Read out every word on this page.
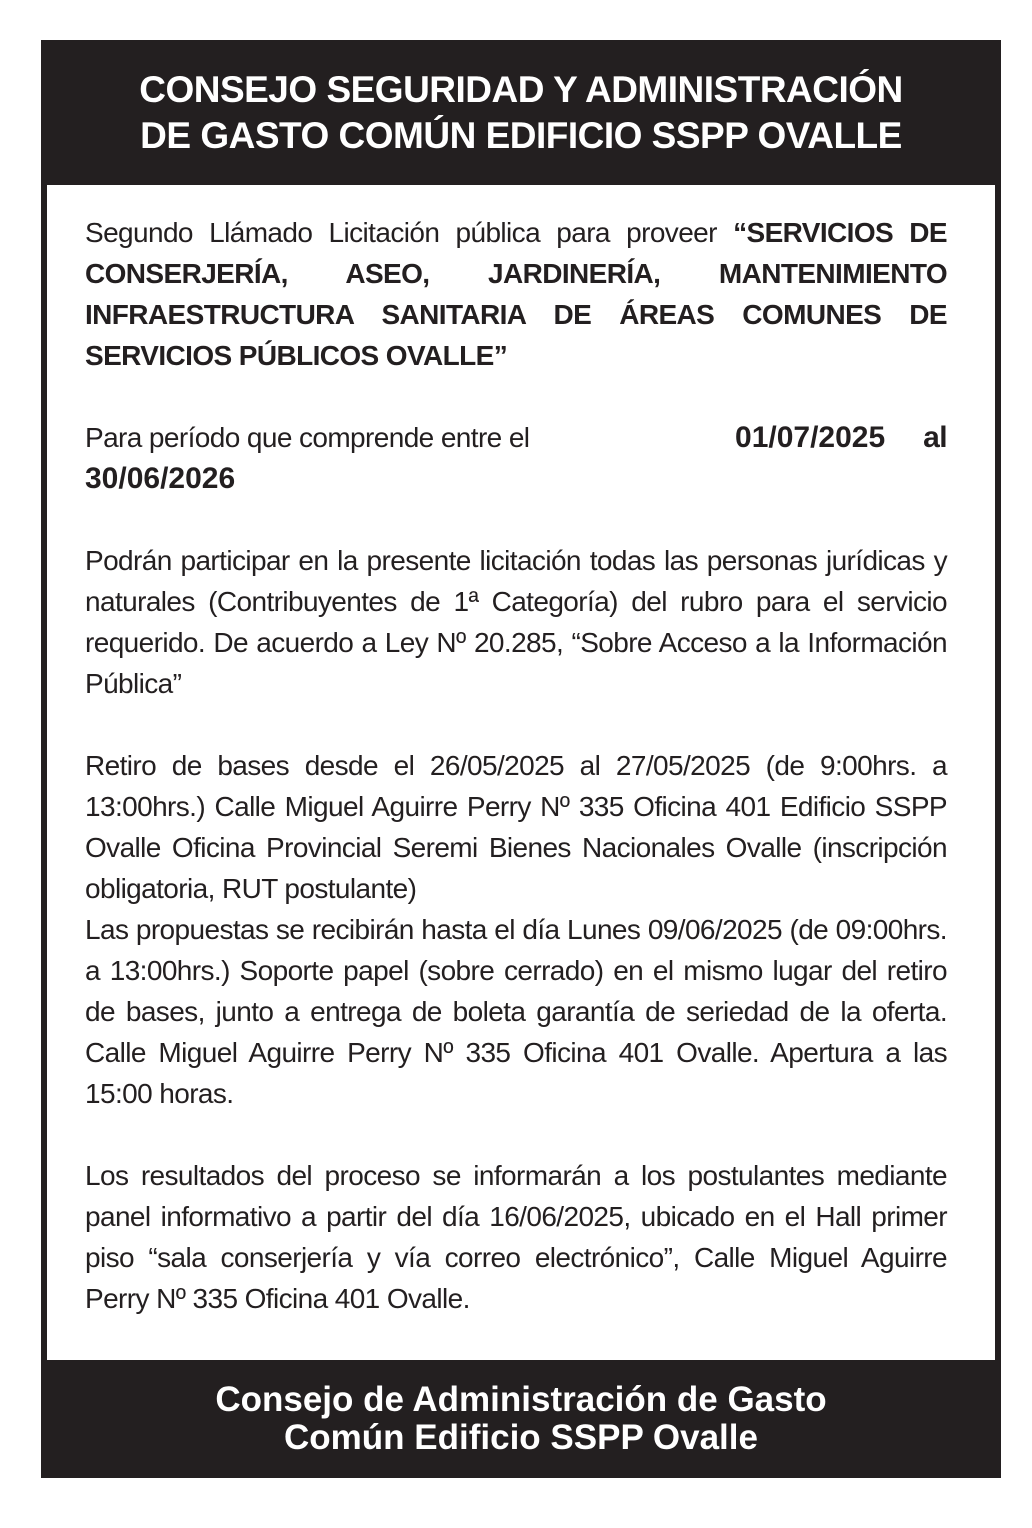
CONSEJO SEGURIDAD Y ADMINISTRACIÓN
DE GASTO COMÚN EDIFICIO SSPP OVALLE

Segundo Llámado Licitación pública para proveer “SERVICIOS DE CONSERJERÍA, ASEO, JARDINERÍA, MANTENIMIENTO INFRAESTRUCTURA SANITARIA DE ÁREAS COMUNES DE SERVICIOS PÚBLICOS OVALLE”

Para período que comprende entre el	01/07/2025 al
30/06/2026

Podrán participar en la presente licitación todas las personas jurídicas y naturales (Contribuyentes de 1ª Categoría) del rubro para el servicio requerido. De acuerdo a Ley Nº 20.285, “Sobre Acceso a la Información Pública”

Retiro de bases desde el 26/05/2025 al 27/05/2025 (de 9:00hrs. a 13:00hrs.) Calle Miguel Aguirre Perry Nº 335 Oficina 401 Edificio SSPP Ovalle Oficina Provincial Seremi Bienes Nacionales Ovalle (inscripción obligatoria, RUT postulante)

Las propuestas se recibirán hasta el día Lunes 09/06/2025 (de 09:00hrs. a 13:00hrs.) Soporte papel (sobre cerrado) en el mismo lugar del retiro de bases, junto a entrega de boleta garantía de seriedad de la oferta. Calle Miguel Aguirre Perry Nº 335 Oficina 401 Ovalle. Apertura a las 15:00 horas.

Los resultados del proceso se informarán a los postulantes mediante panel informativo a partir del día 16/06/2025, ubicado en el Hall primer piso “sala conserjería y vía correo electrónico”, Calle Miguel Aguirre Perry Nº 335 Oficina 401 Ovalle.

Consejo de Administración de Gasto
Común Edificio SSPP Ovalle
